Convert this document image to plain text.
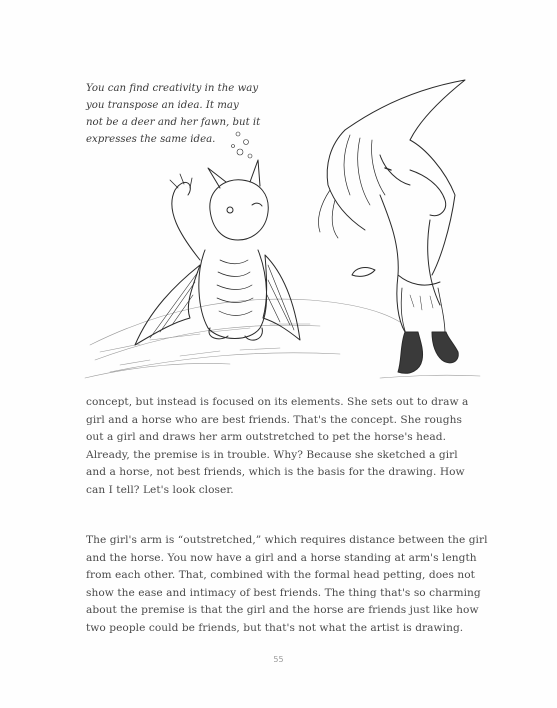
You can find creativity in the way
you transpose an idea. It may
not be a deer and her fawn, but it
expresses the same idea.
concept, but instead is focused on its elements. She sets out to draw a
girl and a horse who are best friends. That's the concept. She roughs
out a girl and draws her arm outstretched to pet the horse's head.
Already, the premise is in trouble. Why? Because she sketched a girl
and a horse, not best friends, which is the basis for the drawing. How
can I tell? Let's look closer.
The girl's arm is “outstretched,” which requires distance between the girl
and the horse. You now have a girl and a horse standing at arm's length
from each other. That, combined with the formal head petting, does not
show the ease and intimacy of best friends. The thing that's so charming
about the premise is that the girl and the horse are friends just like how
two people could be friends, but that's not what the artist is drawing.
55
